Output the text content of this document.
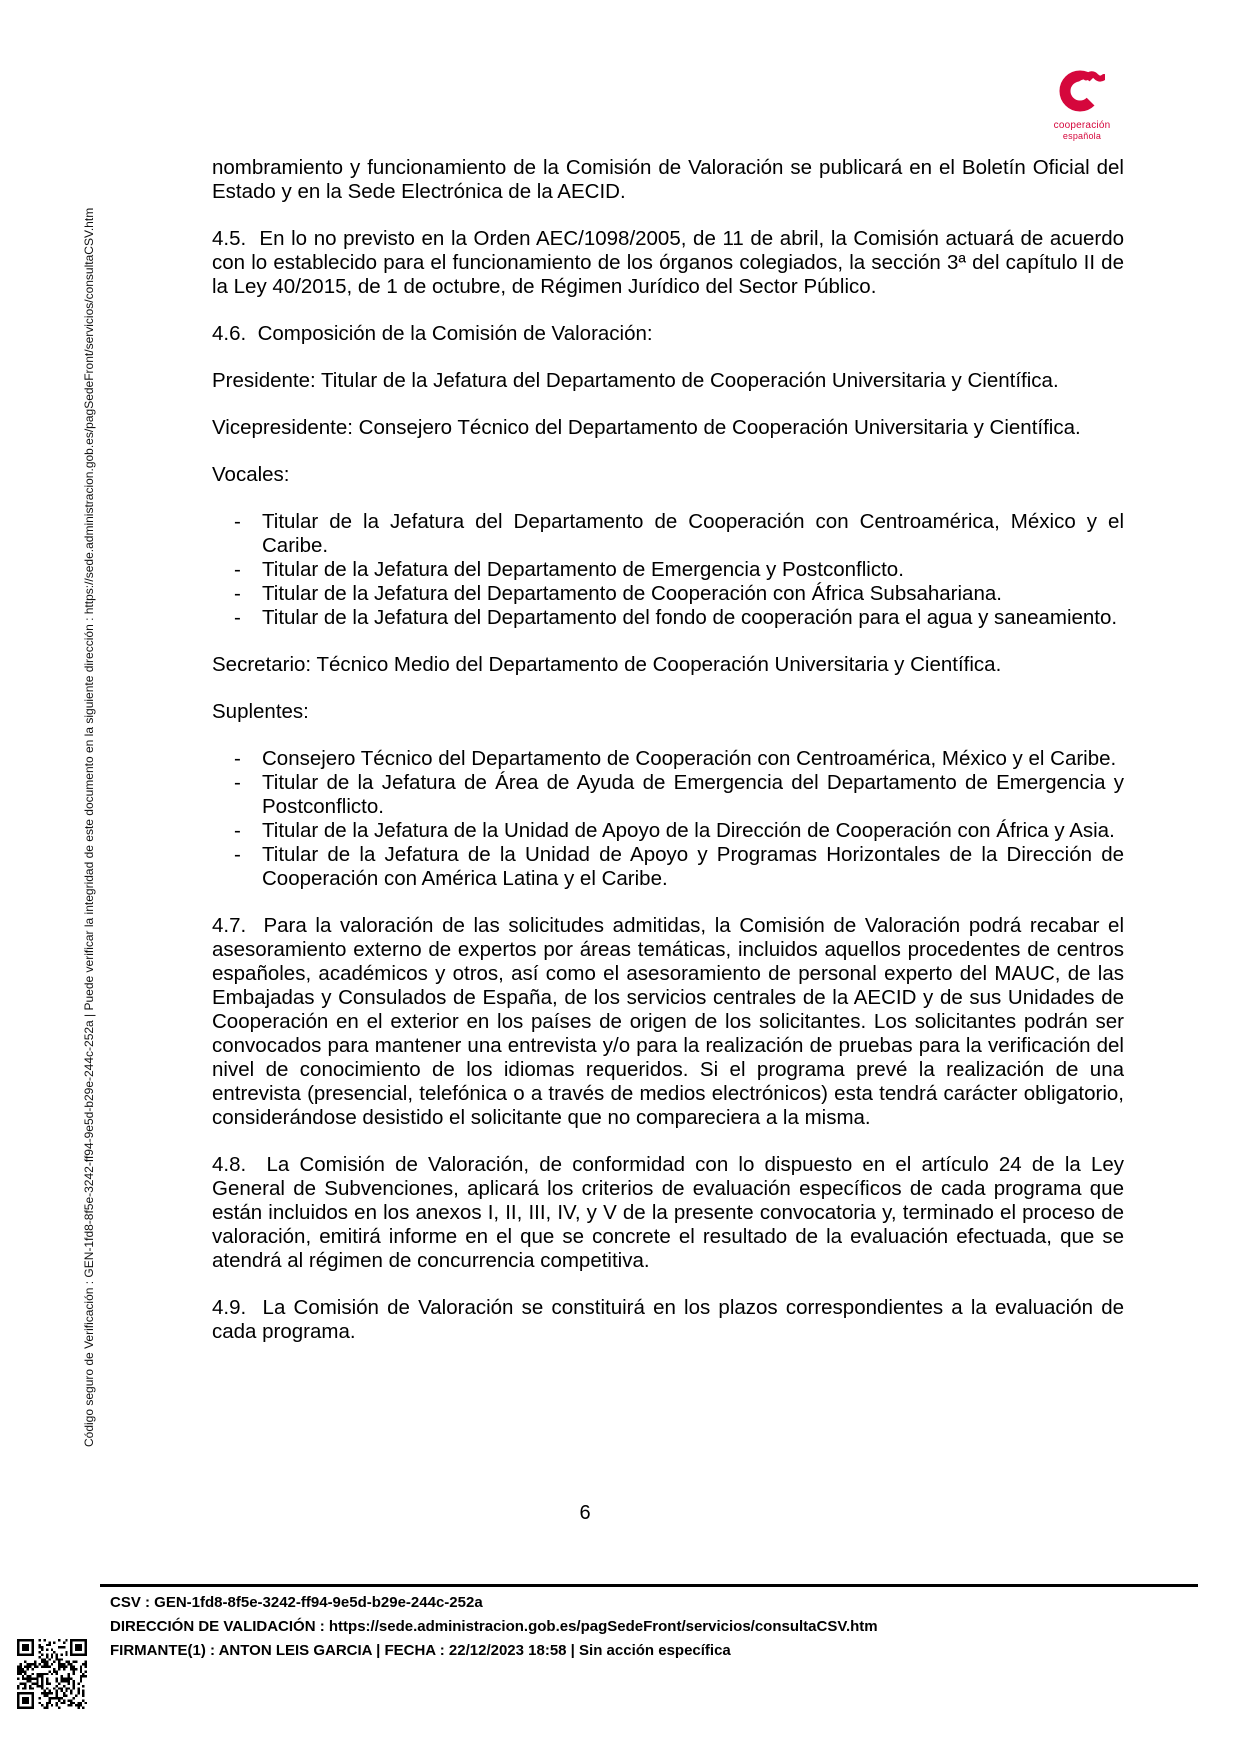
Código seguro de Verificación : GEN-1fd8-8f5e-3242-ff94-9e5d-b29e-244c-252a | Puede verificar la integridad de este documento en la siguiente dirección : https://sede.administracion.gob.es/pagSedeFront/servicios/consultaCSV.htm
cooperación
española

nombramiento y funcionamiento de la Comisión de Valoración se publicará en el Boletín Oficial del Estado y en la Sede Electrónica de la AECID.

4.5.  En lo no previsto en la Orden AEC/1098/2005, de 11 de abril, la Comisión actuará de acuerdo con lo establecido para el funcionamiento de los órganos colegiados, la sección 3ª del capítulo II de la Ley 40/2015, de 1 de octubre, de Régimen Jurídico del Sector Público.

4.6.  Composición de la Comisión de Valoración:

Presidente: Titular de la Jefatura del Departamento de Cooperación Universitaria y Científica.

Vicepresidente: Consejero Técnico del Departamento de Cooperación Universitaria y Científica.

Vocales:

- Titular de la Jefatura del Departamento de Cooperación con Centroamérica, México y el Caribe.
- Titular de la Jefatura del Departamento de Emergencia y Postconflicto.
- Titular de la Jefatura del Departamento de Cooperación con África Subsahariana.
- Titular de la Jefatura del Departamento del fondo de cooperación para el agua y saneamiento.

Secretario: Técnico Medio del Departamento de Cooperación Universitaria y Científica.

Suplentes:

- Consejero Técnico del Departamento de Cooperación con Centroamérica, México y el Caribe.
- Titular de la Jefatura de Área de Ayuda de Emergencia del Departamento de Emergencia y Postconflicto.
- Titular de la Jefatura de la Unidad de Apoyo de la Dirección de Cooperación con África y Asia.
- Titular de la Jefatura de la Unidad de Apoyo y Programas Horizontales de la Dirección de Cooperación con América Latina y el Caribe.

4.7.  Para la valoración de las solicitudes admitidas, la Comisión de Valoración podrá recabar el asesoramiento externo de expertos por áreas temáticas, incluidos aquellos procedentes de centros españoles, académicos y otros, así como el asesoramiento de personal experto del MAUC, de las Embajadas y Consulados de España, de los servicios centrales de la AECID y de sus Unidades de Cooperación en el exterior en los países de origen de los solicitantes. Los solicitantes podrán ser convocados para mantener una entrevista y/o para la realización de pruebas para la verificación del nivel de conocimiento de los idiomas requeridos. Si el programa prevé la realización de una entrevista (presencial, telefónica o a través de medios electrónicos) esta tendrá carácter obligatorio, considerándose desistido el solicitante que no compareciera a la misma.

4.8.  La Comisión de Valoración, de conformidad con lo dispuesto en el artículo 24 de la Ley General de Subvenciones, aplicará los criterios de evaluación específicos de cada programa que están incluidos en los anexos I, II, III, IV, y V de la presente convocatoria y, terminado el proceso de valoración, emitirá informe en el que se concrete el resultado de la evaluación efectuada, que se atendrá al régimen de concurrencia competitiva.

4.9.  La Comisión de Valoración se constituirá en los plazos correspondientes a la evaluación de cada programa.

6
CSV : GEN-1fd8-8f5e-3242-ff94-9e5d-b29e-244c-252a
DIRECCIÓN DE VALIDACIÓN : https://sede.administracion.gob.es/pagSedeFront/servicios/consultaCSV.htm
FIRMANTE(1) : ANTON LEIS GARCIA | FECHA : 22/12/2023 18:58 | Sin acción específica
